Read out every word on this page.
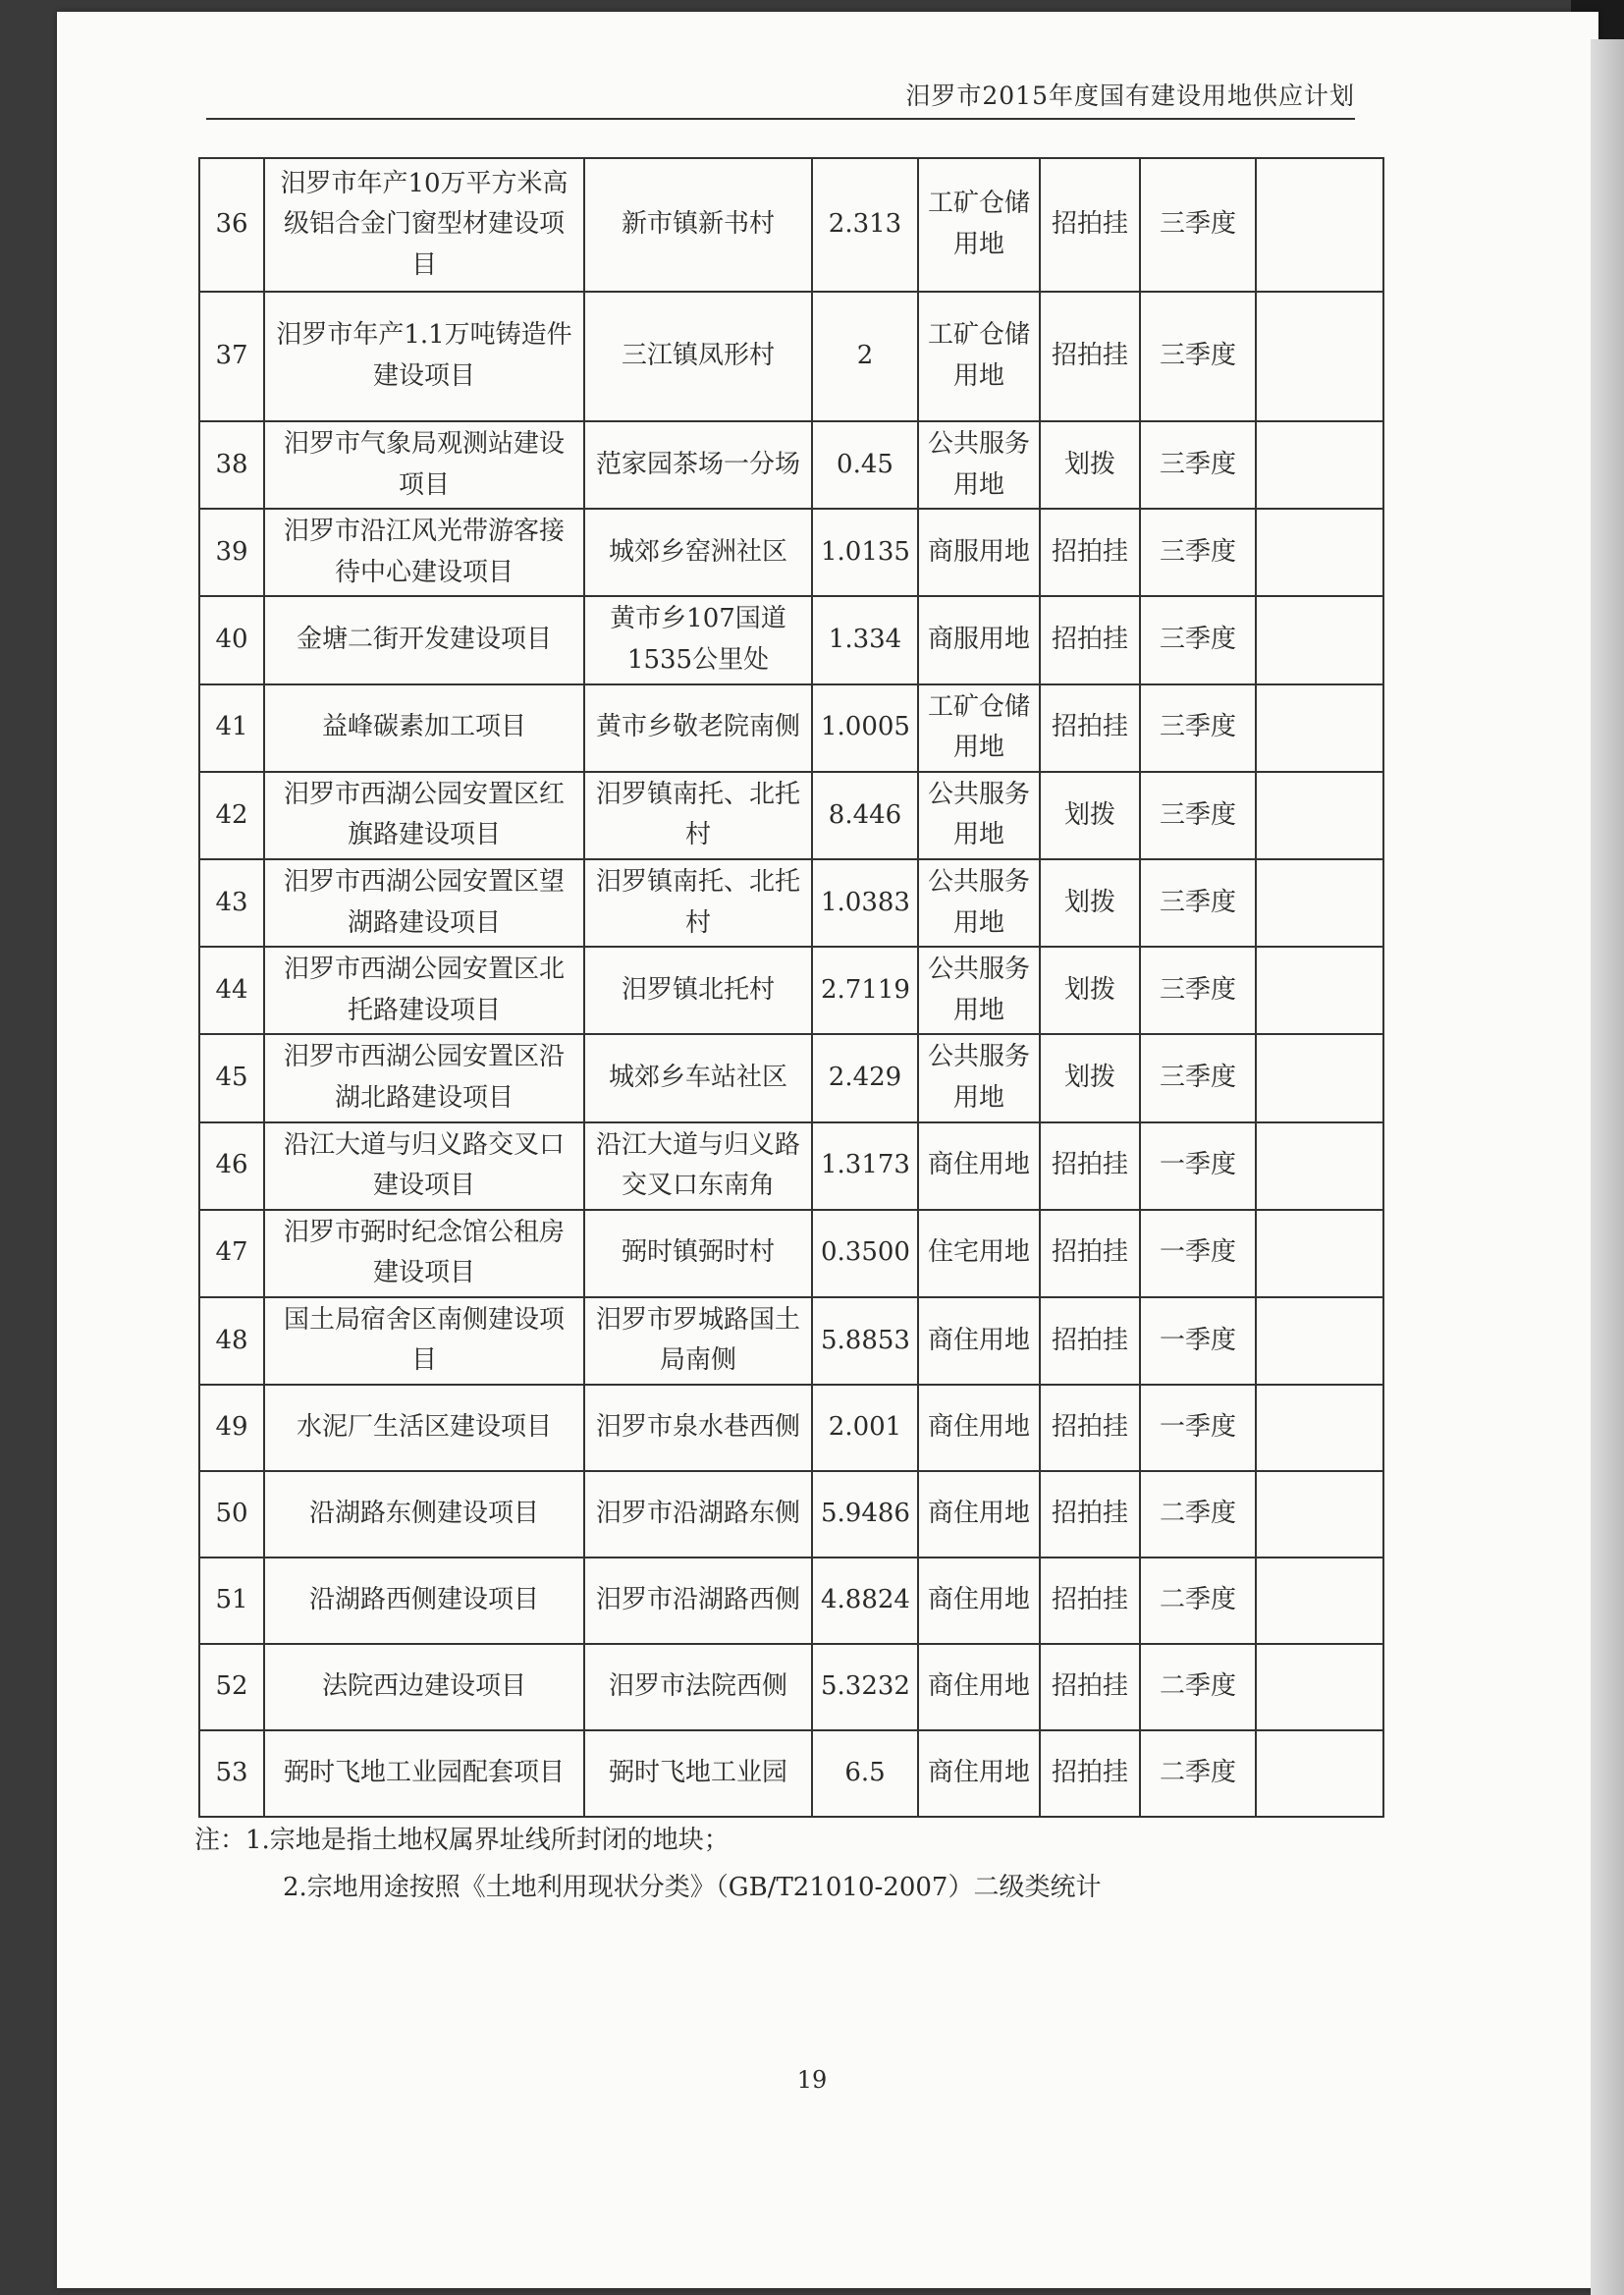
汨罗市2015年度国有建设用地供应计划
36	汨罗市年产10万平方米高级铝合金门窗型材建设项目	新市镇新书村	2.313	工矿仓储用地	招拍挂	三季度	
37	汨罗市年产1.1万吨铸造件建设项目	三江镇凤形村	2	工矿仓储用地	招拍挂	三季度	
38	汨罗市气象局观测站建设项目	范家园茶场一分场	0.45	公共服务用地	划拨	三季度	
39	汨罗市沿江风光带游客接待中心建设项目	城郊乡窑洲社区	1.0135	商服用地	招拍挂	三季度	
40	金塘二街开发建设项目	黄市乡107国道1535公里处	1.334	商服用地	招拍挂	三季度	
41	益峰碳素加工项目	黄市乡敬老院南侧	1.0005	工矿仓储用地	招拍挂	三季度	
42	汨罗市西湖公园安置区红旗路建设项目	汨罗镇南托、北托村	8.446	公共服务用地	划拨	三季度	
43	汨罗市西湖公园安置区望湖路建设项目	汨罗镇南托、北托村	1.0383	公共服务用地	划拨	三季度	
44	汨罗市西湖公园安置区北托路建设项目	汨罗镇北托村	2.7119	公共服务用地	划拨	三季度	
45	汨罗市西湖公园安置区沿湖北路建设项目	城郊乡车站社区	2.429	公共服务用地	划拨	三季度	
46	沿江大道与归义路交叉口建设项目	沿江大道与归义路交叉口东南角	1.3173	商住用地	招拍挂	一季度	
47	汨罗市弼时纪念馆公租房建设项目	弼时镇弼时村	0.3500	住宅用地	招拍挂	一季度	
48	国土局宿舍区南侧建设项目	汨罗市罗城路国土局南侧	5.8853	商住用地	招拍挂	一季度	
49	水泥厂生活区建设项目	汨罗市泉水巷西侧	2.001	商住用地	招拍挂	一季度	
50	沿湖路东侧建设项目	汨罗市沿湖路东侧	5.9486	商住用地	招拍挂	二季度	
51	沿湖路西侧建设项目	汨罗市沿湖路西侧	4.8824	商住用地	招拍挂	二季度	
52	法院西边建设项目	汨罗市法院西侧	5.3232	商住用地	招拍挂	二季度	
53	弼时飞地工业园配套项目	弼时飞地工业园	6.5	商住用地	招拍挂	二季度	
注：1.宗地是指土地权属界址线所封闭的地块；
2.宗地用途按照《土地利用现状分类》（GB/T21010-2007）二级类统计
19
